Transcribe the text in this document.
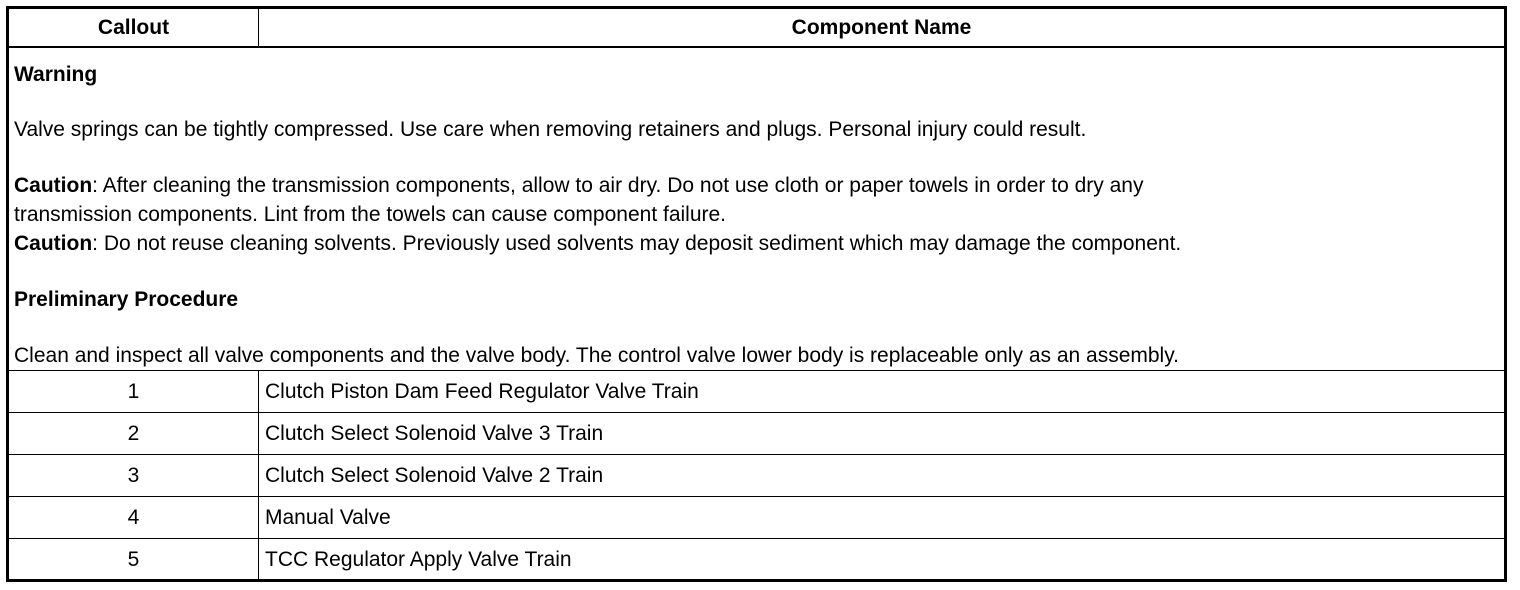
Callout	Component Name
Warning
Valve springs can be tightly compressed. Use care when removing retainers and plugs. Personal injury could result.
Caution: After cleaning the transmission components, allow to air dry. Do not use cloth or paper towels in order to dry any
transmission components. Lint from the towels can cause component failure.
Caution: Do not reuse cleaning solvents. Previously used solvents may deposit sediment which may damage the component.
Preliminary Procedure
Clean and inspect all valve components and the valve body. The control valve lower body is replaceable only as an assembly.
1	Clutch Piston Dam Feed Regulator Valve Train
2	Clutch Select Solenoid Valve 3 Train
3	Clutch Select Solenoid Valve 2 Train
4	Manual Valve
5	TCC Regulator Apply Valve Train
